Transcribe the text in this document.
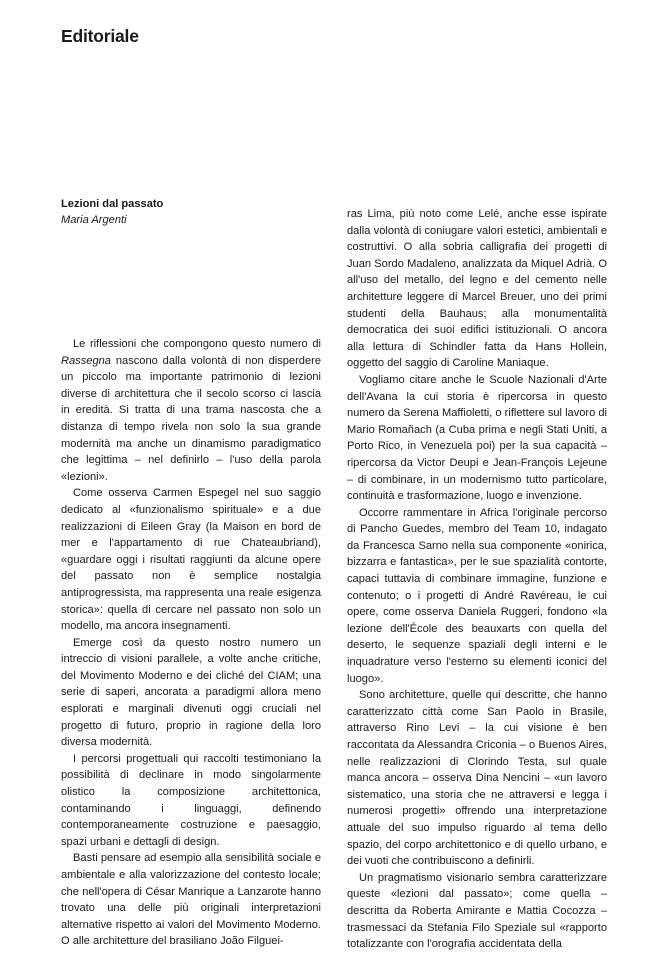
Editoriale
Lezioni dal passato
Maria Argenti

Le riflessioni che compongono questo numero di Rassegna nascono dalla volontà di non disperdere un piccolo ma importante patrimonio di lezioni diverse di architettura che il secolo scorso ci lascia in eredità. Si tratta di una trama nascosta che a distanza di tempo rivela non solo la sua grande modernità ma anche un dinamismo paradigmatico che legittima – nel definirlo – l'uso della parola «lezioni».

Come osserva Carmen Espegel nel suo saggio dedicato al «funzionalismo spirituale» e a due realizzazioni di Eileen Gray (la Maison en bord de mer e l'appartamento di rue Chateaubriand), «guardare oggi i risultati raggiunti da alcune opere del passato non è semplice nostalgia antiprogressista, ma rappresenta una reale esigenza storica»: quella di cercare nel passato non solo un modello, ma ancora insegnamenti.

Emerge così da questo nostro numero un intreccio di visioni parallele, a volte anche critiche, del Movimento Moderno e dei cliché del CIAM; una serie di saperi, ancorata a paradigmi allora meno esplorati e marginali divenuti oggi cruciali nel progetto di futuro, proprio in ragione della loro diversa modernità.

I percorsi progettuali qui raccolti testimoniano la possibilità di declinare in modo singolarmente olistico la composizione architettonica, contaminando i linguaggi, definendo contemporaneamente costruzione e paesaggio, spazi urbani e dettagli di design.

Basti pensare ad esempio alla sensibilità sociale e ambientale e alla valorizzazione del contesto locale; che nell'opera di César Manrique a Lanzarote hanno trovato una delle più originali interpretazioni alternative rispetto ai valori del Movimento Moderno. O alle architetture del brasiliano João Filguei-

ras Lima, più noto come Lelé, anche esse ispirate dalla volontà di coniugare valori estetici, ambientali e costruttivi. O alla sobria calligrafia dei progetti di Juan Sordo Madaleno, analizzata da Miquel Adrià. O all'uso del metallo, del legno e del cemento nelle architetture leggere di Marcel Breuer, uno dei primi studenti della Bauhaus; alla monumentalità democratica dei suoi edifici istituzionali. O ancora alla lettura di Schindler fatta da Hans Hollein, oggetto del saggio di Caroline Maniaque.

Vogliamo citare anche le Scuole Nazionali d'Arte dell'Avana la cui storia è ripercorsa in questo numero da Serena Maffioletti, o riflettere sul lavoro di Mario Romañach (a Cuba prima e negli Stati Uniti, a Porto Rico, in Venezuela poi) per la sua capacità – ripercorsa da Victor Deupi e Jean-François Lejeune – di combinare, in un modernismo tutto particolare, continuità e trasformazione, luogo e invenzione.

Occorre rammentare in Africa l'originale percorso di Pancho Guedes, membro del Team 10, indagato da Francesca Sarno nella sua componente «onirica, bizzarra e fantastica», per le sue spazialità contorte, capaci tuttavia di combinare immagine, funzione e contenuto; o i progetti di André Ravéreau, le cui opere, come osserva Daniela Ruggeri, fondono «la lezione dell'École des beauxarts con quella del deserto, le sequenze spaziali degli interni e le inquadrature verso l'esterno su elementi iconici del luogo».

Sono architetture, quelle qui descritte, che hanno caratterizzato città come San Paolo in Brasile, attraverso Rino Levi – la cui visione è ben raccontata da Alessandra Criconia – o Buenos Aires, nelle realizzazioni di Clorindo Testa, sul quale manca ancora – osserva Dina Nencini – «un lavoro sistematico, una storia che ne attraversi e legga i numerosi progetti» offrendo una interpretazione attuale del suo impulso riguardo al tema dello spazio, del corpo architettonico e di quello urbano, e dei vuoti che contribuiscono a definirli.

Un pragmatismo visionario sembra caratterizzare queste «lezioni dal passato»; come quella – descritta da Roberta Amirante e Mattia Cocozza – trasmessaci da Stefania Filo Speziale sul «rapporto totalizzante con l'orografia accidentata della
